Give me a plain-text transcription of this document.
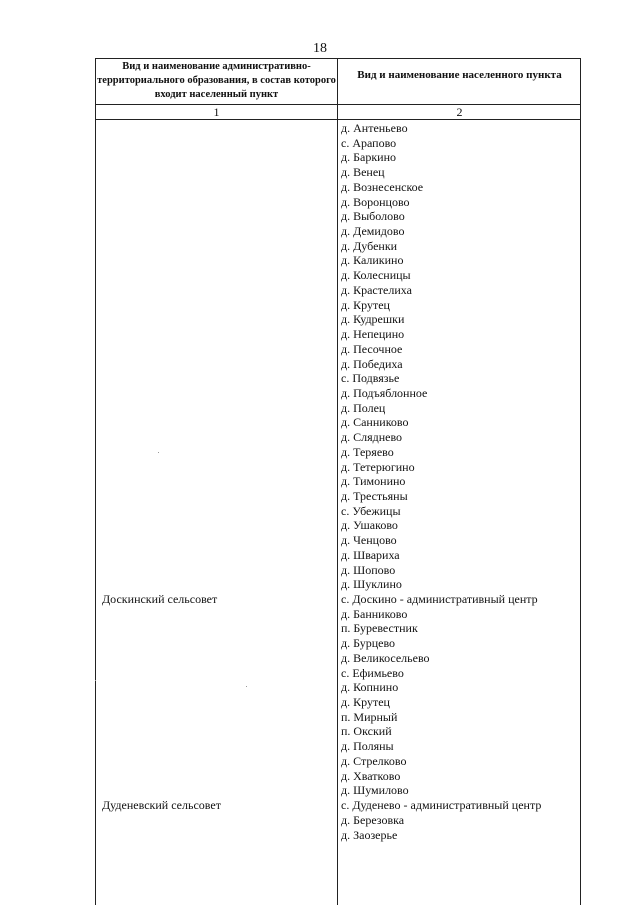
18
Вид и наименование административно-территориального образования, в состав которого входит населенный пункт
Вид и наименование населенного пункта
1	2
д. Антеньево
с. Арапово
д. Баркино
д. Венец
д. Вознесенское
д. Воронцово
д. Выболово
д. Демидово
д. Дубенки
д. Каликино
д. Колесницы
д. Крастелиха
д. Крутец
д. Кудрешки
д. Непецино
д. Песочное
д. Победиха
с. Подвязье
д. Подъяблонное
д. Полец
д. Санниково
д. Сляднево
д. Теряево
д. Тетерюгино
д. Тимонино
д. Трестьяны
с. Убежицы
д. Ушаково
д. Ченцово
д. Швариха
д. Шопово
д. Шуклино
с. Доскино - административный центр
д. Банниково
п. Буревестник
д. Бурцево
д. Великосельево
с. Ефимьево
д. Копнино
д. Крутец
п. Мирный
п. Окский
д. Поляны
д. Стрелково
д. Хватково
д. Шумилово
с. Дуденево - административный центр
д. Березовка
д. Заозерье
Доскинский сельсовет
Дуденевский сельсовет
